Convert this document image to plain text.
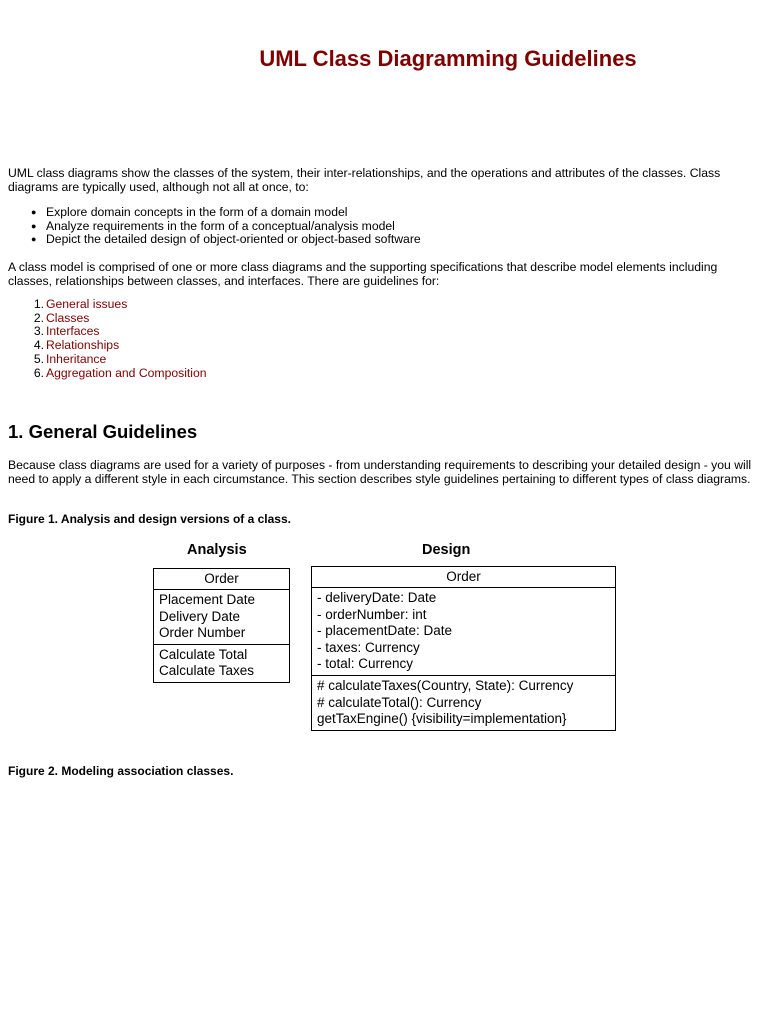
UML Class Diagramming Guidelines

UML class diagrams show the classes of the system, their inter-relationships, and the operations and attributes of the classes. Class diagrams are typically used, although not all at once, to:

● Explore domain concepts in the form of a domain model
● Analyze requirements in the form of a conceptual/analysis model
● Depict the detailed design of object-oriented or object-based software

A class model is comprised of one or more class diagrams and the supporting specifications that describe model elements including classes, relationships between classes, and interfaces. There are guidelines for:

1. General issues
2. Classes
3. Interfaces
4. Relationships
5. Inheritance
6. Aggregation and Composition
1. General Guidelines

Because class diagrams are used for a variety of purposes - from understanding requirements to describing your detailed design - you will need to apply a different style in each circumstance. This section describes style guidelines pertaining to different types of class diagrams.

Figure 1. Analysis and design versions of a class.

Analysis	Design
Order
Placement Date
Delivery Date
Order Number
Calculate Total
Calculate Taxes
Order
- deliveryDate: Date
- orderNumber: int
- placementDate: Date
- taxes: Currency
- total: Currency
# calculateTaxes(Country, State): Currency
# calculateTotal(): Currency
getTaxEngine() {visibility=implementation}

Figure 2. Modeling association classes.
